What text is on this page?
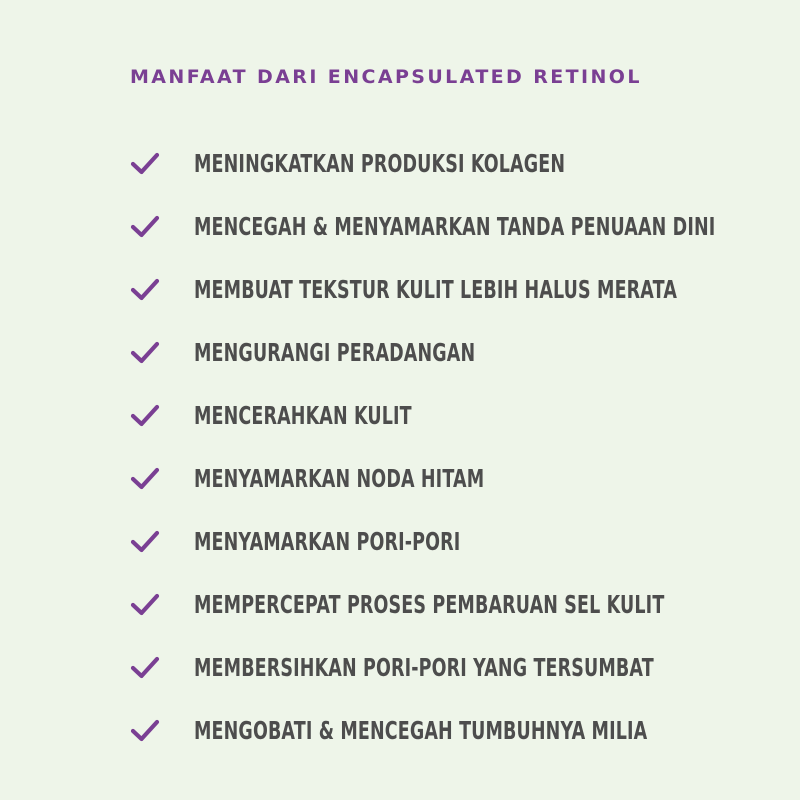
MANFAAT DARI ENCAPSULATED RETINOL
MENINGKATKAN PRODUKSI KOLAGEN
MENCEGAH & MENYAMARKAN TANDA PENUAAN DINI
MEMBUAT TEKSTUR KULIT LEBIH HALUS MERATA
MENGURANGI PERADANGAN
MENCERAHKAN KULIT
MENYAMARKAN NODA HITAM
MENYAMARKAN PORI-PORI
MEMPERCEPAT PROSES PEMBARUAN SEL KULIT
MEMBERSIHKAN PORI-PORI YANG TERSUMBAT
MENGOBATI & MENCEGAH TUMBUHNYA MILIA
